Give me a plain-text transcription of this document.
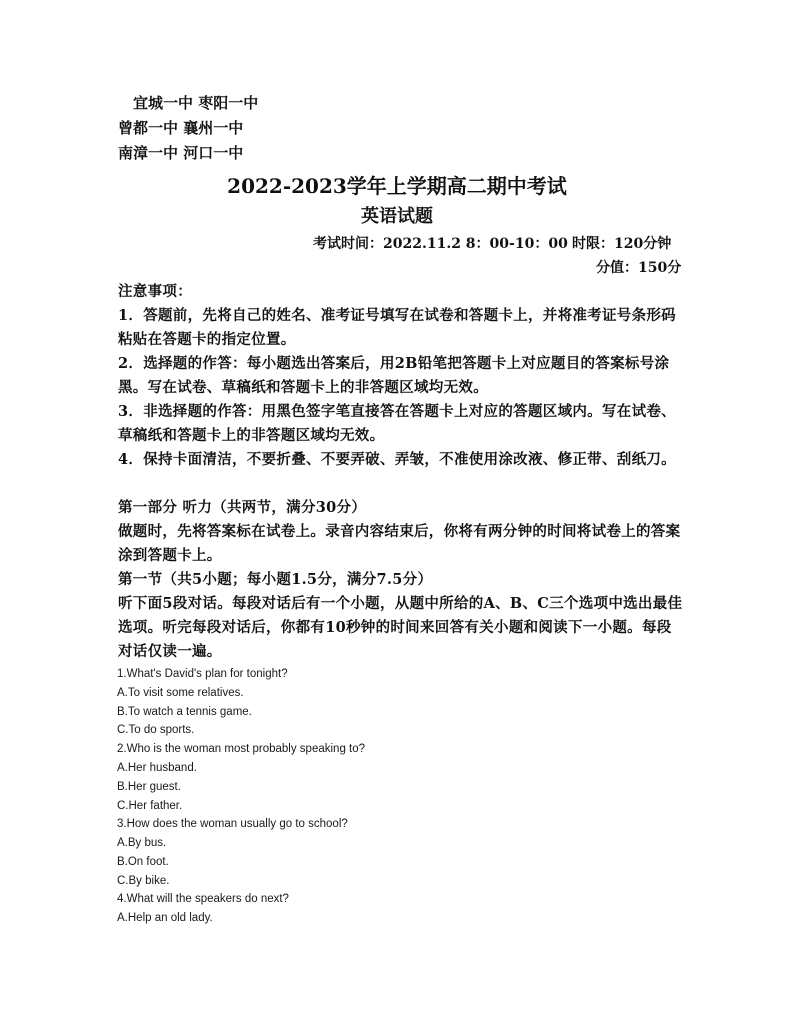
宜城一中 枣阳一中
曾都一中 襄州一中
南漳一中 河口一中
2022-2023学年上学期高二期中考试
英语试题
考试时间：2022.11.2 8：00-10：00 时限：120分钟
分值：150分
注意事项：
1．答题前，先将自己的姓名、准考证号填写在试卷和答题卡上，并将准考证号条形码粘贴在答题卡的指定位置。
2．选择题的作答：每小题选出答案后，用2B铅笔把答题卡上对应题目的答案标号涂黑。写在试卷、草稿纸和答题卡上的非答题区域均无效。
3．非选择题的作答：用黑色签字笔直接答在答题卡上对应的答题区域内。写在试卷、草稿纸和答题卡上的非答题区域均无效。
4．保持卡面清洁，不要折叠、不要弄破、弄皱，不准使用涂改液、修正带、刮纸刀。
第一部分 听力（共两节，满分30分）
做题时，先将答案标在试卷上。录音内容结束后，你将有两分钟的时间将试卷上的答案涂到答题卡上。
第一节（共5小题；每小题1.5分，满分7.5分）
听下面5段对话。每段对话后有一个小题，从题中所给的A、B、C三个选项中选出最佳选项。听完每段对话后，你都有10秒钟的时间来回答有关小题和阅读下一小题。每段对话仅读一遍。
1.What's David's plan for tonight?
A.To visit some relatives.
B.To watch a tennis game.
C.To do sports.
2.Who is the woman most probably speaking to?
A.Her husband.
B.Her guest.
C.Her father.
3.How does the woman usually go to school?
A.By bus.
B.On foot.
C.By bike.
4.What will the speakers do next?
A.Help an old lady.
